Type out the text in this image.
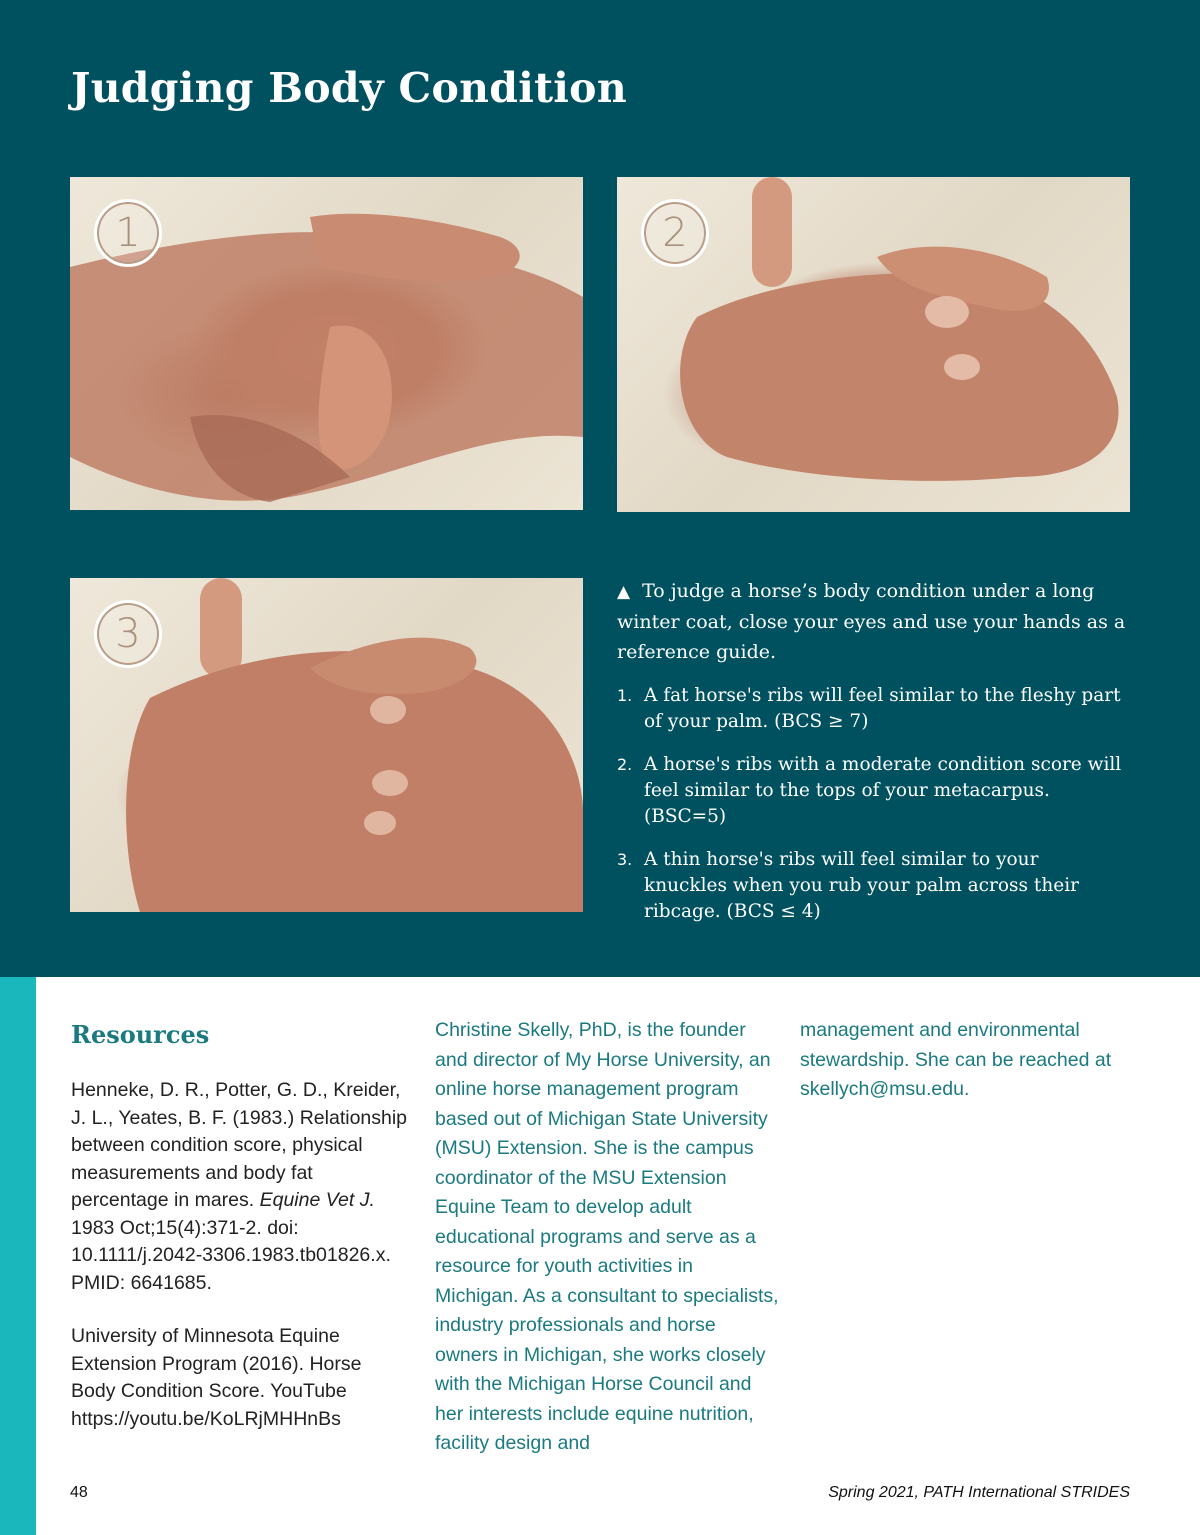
Judging Body Condition
1	2
3

▲ To judge a horse’s body condition under a long winter coat, close your eyes and use your hands as a reference guide.

1. A fat horse's ribs will feel similar to the fleshy part of your palm. (BCS ≥ 7)
2. A horse's ribs with a moderate condition score will feel similar to the tops of your metacarpus. (BSC=5)
3. A thin horse's ribs will feel similar to your knuckles when you rub your palm across their ribcage. (BCS ≤ 4)
Resources

Henneke, D. R., Potter, G. D., Kreider, J. L., Yeates, B. F. (1983.) Relationship between condition score, physical measurements and body fat percentage in mares. Equine Vet J. 1983 Oct;15(4):371-2. doi: 10.1111/j.2042-3306.1983.tb01826.x. PMID: 6641685.

University of Minnesota Equine Extension Program (2016). Horse Body Condition Score. YouTube https://youtu.be/KoLRjMHHnBs

Christine Skelly, PhD, is the founder and director of My Horse University, an online horse management program based out of Michigan State University (MSU) Extension. She is the campus coordinator of the MSU Extension Equine Team to develop adult educational programs and serve as a resource for youth activities in Michigan. As a consultant to specialists, industry professionals and horse owners in Michigan, she works closely with the Michigan Horse Council and her interests include equine nutrition, facility design and
management and environmental stewardship. She can be reached at skellych@msu.edu.
48	Spring 2021, PATH International STRIDES
